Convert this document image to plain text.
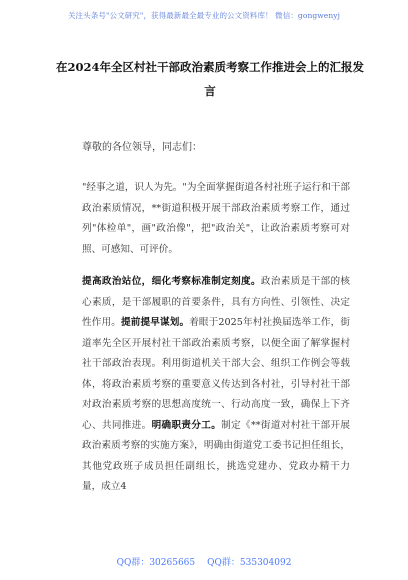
关注头条号"公文研究"，获得最新最全最专业的公文资料库！ 微信：gongwenyj
在2024年全区村社干部政治素质考察工作推进会上的汇报发言
尊敬的各位领导，同志们：
"经事之道，识人为先。"为全面掌握街道各村社班子运行和干部政治素质情况，**街道积极开展干部政治素质考察工作，通过列"体检单"，画"政治像"，把"政治关"，让政治素质考察可对照、可感知、可评价。
提高政治站位，细化考察标准制定刻度。政治素质是干部的核心素质，是干部履职的首要条件，具有方向性、引领性、决定性作用。提前提早谋划。着眼于2025年村社换届选举工作，街道率先全区开展村社干部政治素质考察，以便全面了解掌握村社干部政治表现。利用街道机关干部大会、组织工作例会等载体，将政治素质考察的重要意义传达到各村社，引导村社干部对政治素质考察的思想高度统一、行动高度一致，确保上下齐心、共同推进。明确职责分工。制定《**街道对村社干部开展政治素质考察的实施方案》，明确由街道党工委书记担任组长，其他党政班子成员担任副组长，挑选党建办、党政办精干力量，成立4
QQ群：30265665 QQ群：535304092
